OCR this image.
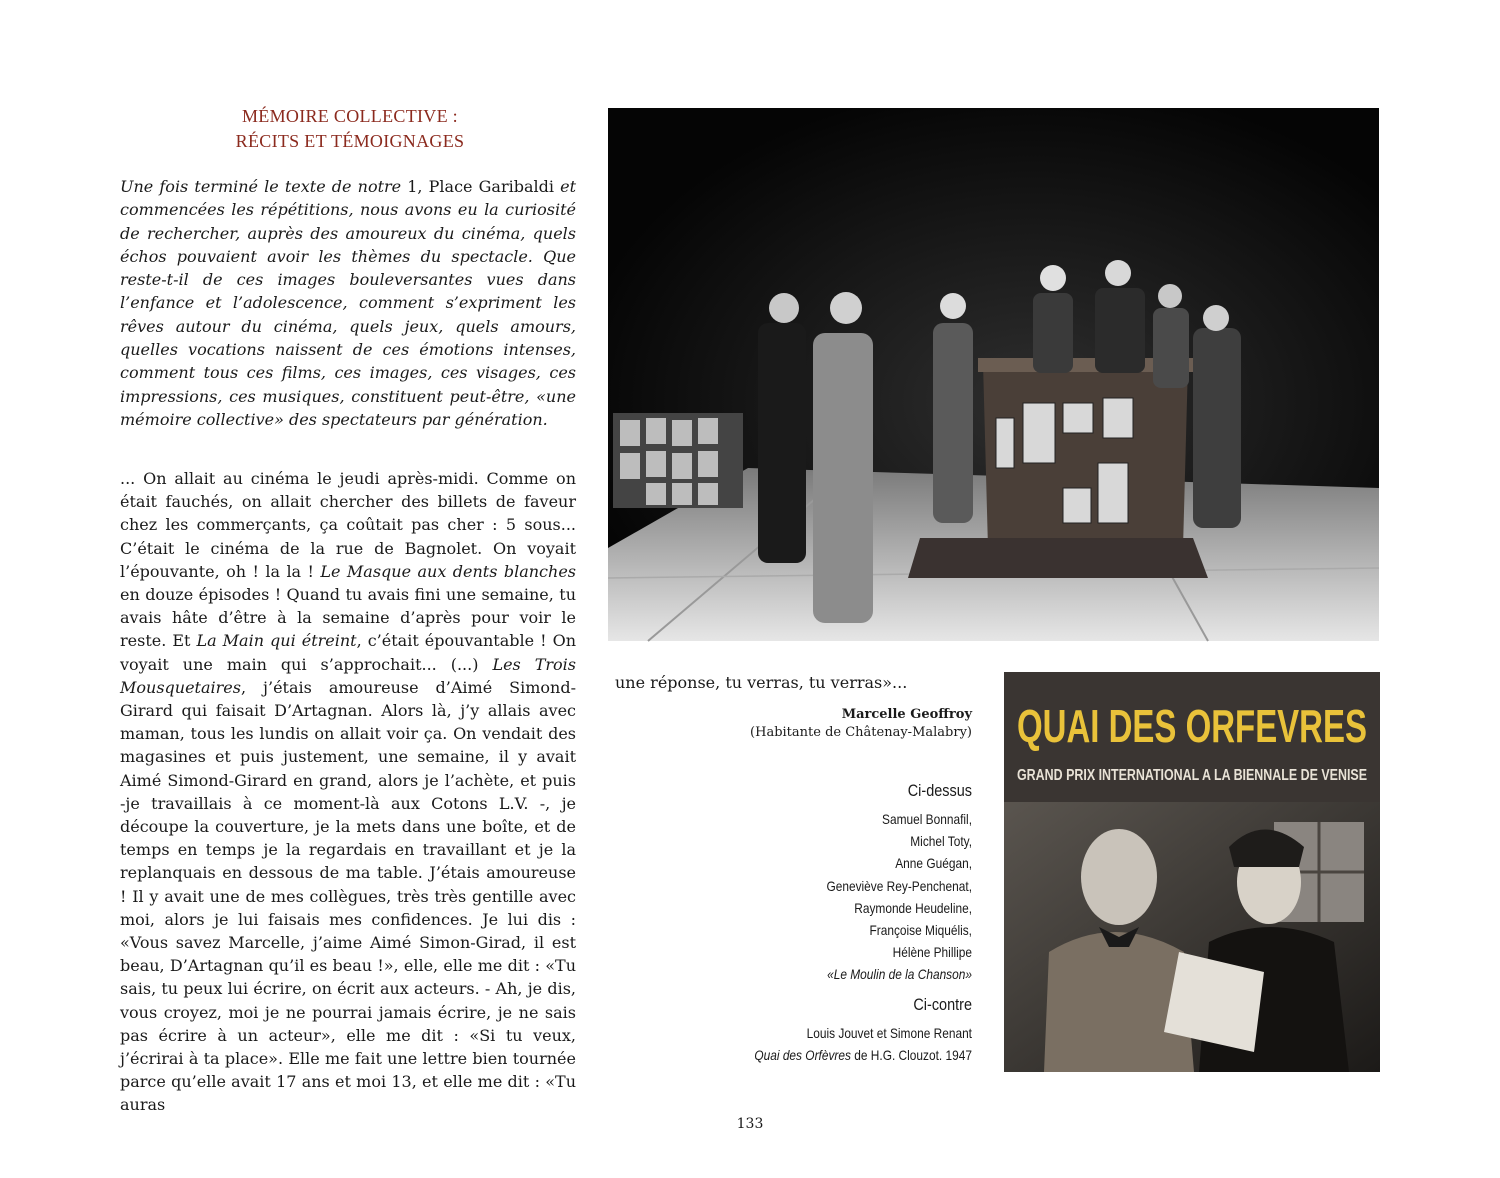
MÉMOIRE COLLECTIVE :
RÉCITS ET TÉMOIGNAGES
Une fois terminé le texte de notre 1, Place Garibaldi et commencées les répétitions, nous avons eu la curiosité de rechercher, auprès des amoureux du cinéma, quels échos pouvaient avoir les thèmes du spectacle. Que reste-t-il de ces images bouleversantes vues dans l’enfance et l’adolescence, comment s’expriment les rêves autour du cinéma, quels jeux, quels amours, quelles vocations naissent de ces émotions intenses, comment tous ces films, ces images, ces visages, ces impressions, ces musiques, constituent peut-être, «une mémoire collective» des spectateurs par génération.
... On allait au cinéma le jeudi après-midi. Comme on était fauchés, on allait chercher des billets de faveur chez les commerçants, ça coûtait pas cher : 5 sous... C’était le cinéma de la rue de Bagnolet. On voyait l’épouvante, oh ! la la ! Le Masque aux dents blanches en douze épisodes ! Quand tu avais fini une semaine, tu avais hâte d’être à la semaine d’après pour voir le reste. Et La Main qui étreint, c’était épouvantable ! On voyait une main qui s’approchait... (...) Les Trois Mousquetaires, j’étais amoureuse d’Aimé Simond-Girard qui faisait D’Artagnan. Alors là, j’y allais avec maman, tous les lundis on allait voir ça. On vendait des magasines et puis justement, une semaine, il y avait Aimé Simond-Girard en grand, alors je l’achète, et puis -je travaillais à ce moment-là aux Cotons L.V. -, je découpe la couverture, je la mets dans une boîte, et de temps en temps je la regardais en travaillant et je la replanquais en dessous de ma table. J’étais amoureuse ! Il y avait une de mes collègues, très très gentille avec moi, alors je lui faisais mes confidences. Je lui dis : «Vous savez Marcelle, j’aime Aimé Simon-Girad, il est beau, D’Artagnan qu’il es beau !», elle, elle me dit : «Tu sais, tu peux lui écrire, on écrit aux acteurs. - Ah, je dis, vous croyez, moi je ne pourrai jamais écrire, je ne sais pas écrire à un acteur», elle me dit : «Si tu veux, j’écrirai à ta place». Elle me fait une lettre bien tournée parce qu’elle avait 17 ans et moi 13, et elle me dit : «Tu auras
une réponse, tu verras, tu verras»...
Marcelle Geoffroy
(Habitante de Châtenay-Malabry)
Ci-dessus
Samuel Bonnafil,
Michel Toty,
Anne Guégan,
Geneviève Rey-Penchenat,
Raymonde Heudeline,
Françoise Miquélis,
Hélène Phillipe
«Le Moulin de la Chanson»
Ci-contre
Louis Jouvet et Simone Renant
Quai des Orfèvres de H.G. Clouzot. 1947
QUAI DES ORFEVRES
GRAND PRIX INTERNATIONAL A LA BIENNALE DE VENISE
133
